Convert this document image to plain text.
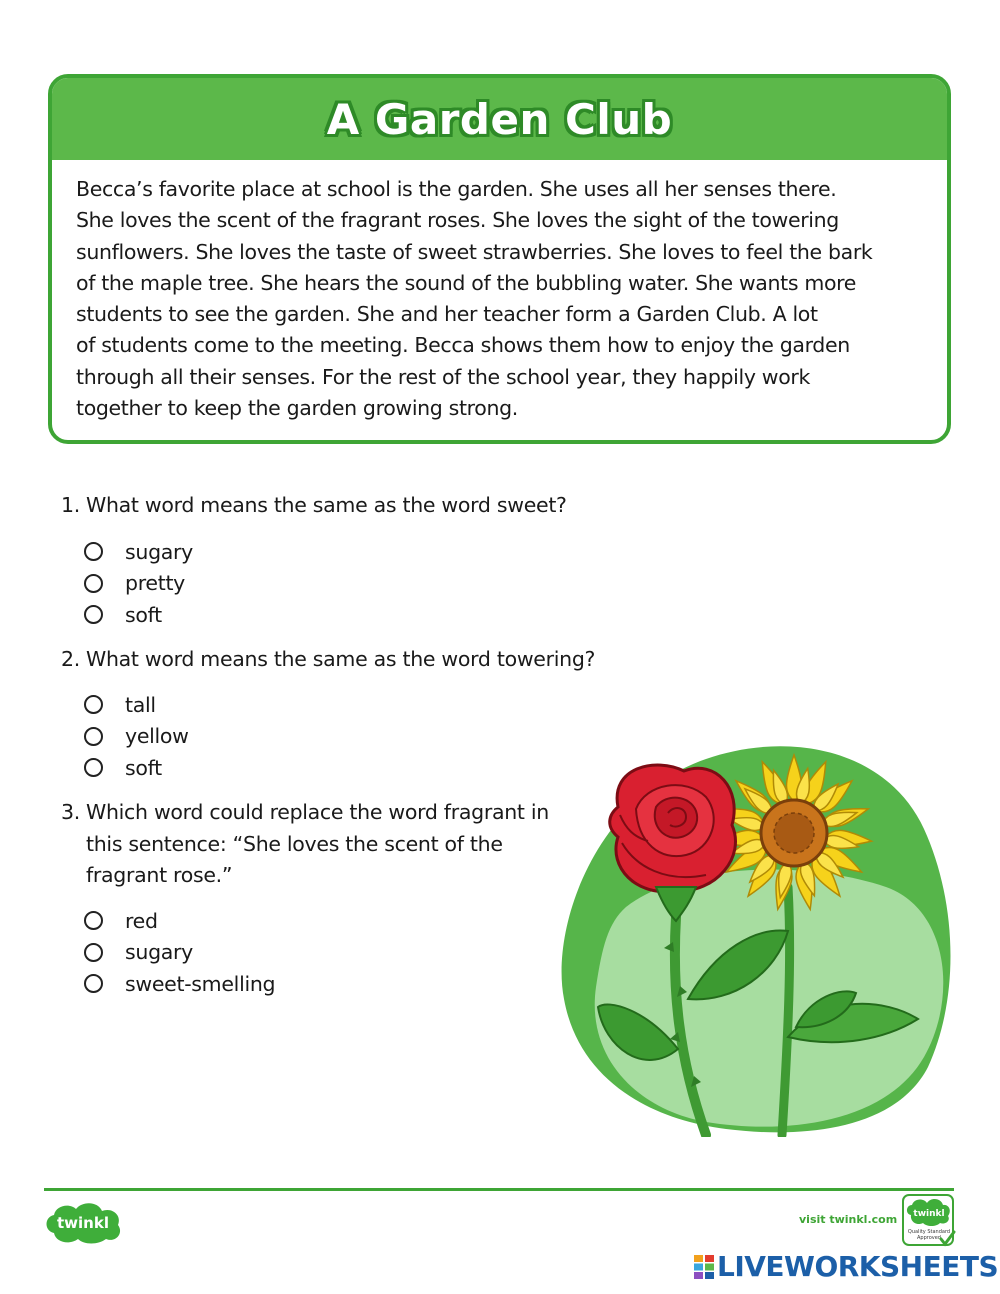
A Garden Club
Becca’s favorite place at school is the garden. She uses all her senses there.
She loves the scent of the fragrant roses. She loves the sight of the towering
sunflowers. She loves the taste of sweet strawberries. She loves to feel the bark
of the maple tree. She hears the sound of the bubbling water. She wants more
students to see the garden. She and her teacher form a Garden Club. A lot
of students come to the meeting. Becca shows them how to enjoy the garden
through all their senses. For the rest of the school year, they happily work
together to keep the garden growing strong.
1. What word means the same as the word sweet?
sugary
pretty
soft
2. What word means the same as the word towering?
tall
yellow
soft
3. Which word could replace the word fragrant in
this sentence: “She loves the scent of the
fragrant rose.”
red
sugary
sweet-smelling
twinkl	visit twinkl.com twinkl
Quality Standard
Approved
LIVEWORKSHEETS
